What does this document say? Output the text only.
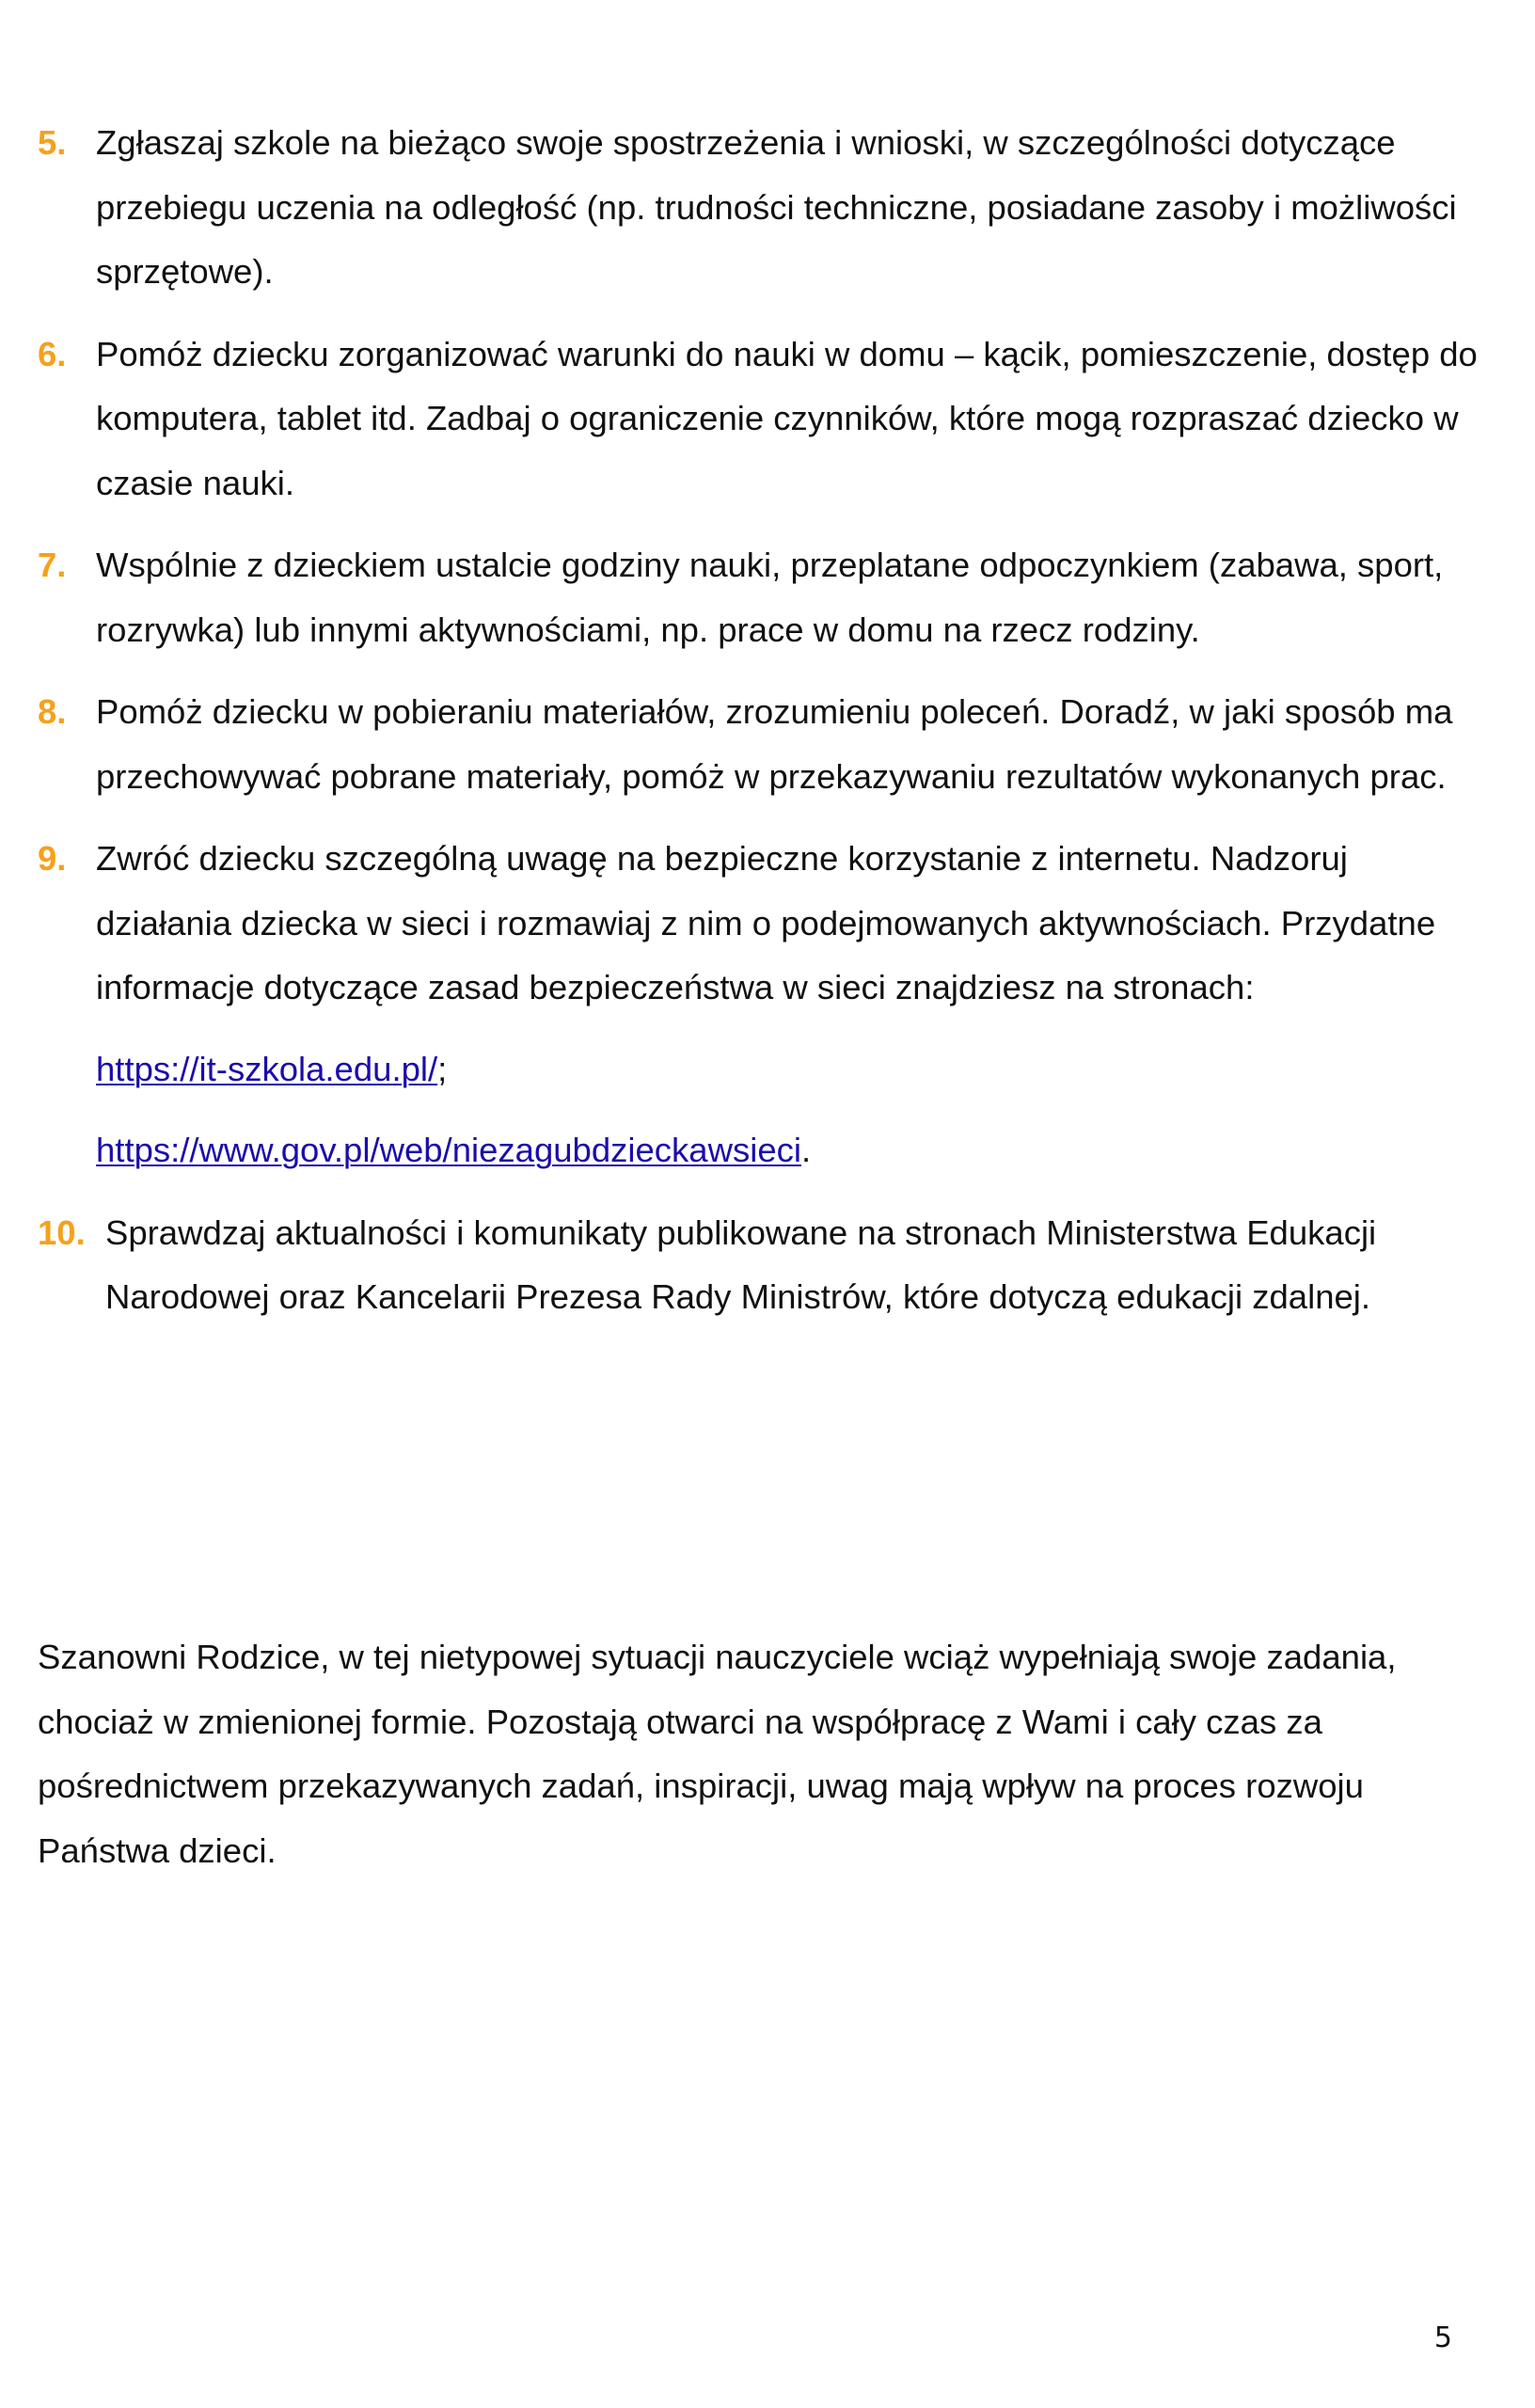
5. Zgłaszaj szkole na bieżąco swoje spostrzeżenia i wnioski, w szczególności dotyczące przebiegu uczenia na odległość (np. trudności techniczne, posiadane zasoby i możliwości sprzętowe).
6. Pomóż dziecku zorganizować warunki do nauki w domu – kącik, pomieszczenie, dostęp do komputera, tablet itd. Zadbaj o ograniczenie czynników, które mogą rozpraszać dziecko w czasie nauki.
7. Wspólnie z dzieckiem ustalcie godziny nauki, przeplatane odpoczynkiem (zabawa, sport, rozrywka) lub innymi aktywnościami, np. prace w domu na rzecz rodziny.
8. Pomóż dziecku w pobieraniu materiałów, zrozumieniu poleceń. Doradź, w jaki sposób ma przechowywać pobrane materiały, pomóż w przekazywaniu rezultatów wykonanych prac.
9. Zwróć dziecku szczególną uwagę na bezpieczne korzystanie z internetu. Nadzoruj działania dziecka w sieci i rozmawiaj z nim o podejmowanych aktywnościach. Przydatne informacje dotyczące zasad bezpieczeństwa w sieci znajdziesz na stronach:

https://it-szkola.edu.pl/;

https://www.gov.pl/web/niezagubdzieckawsieci.

10. Sprawdzaj aktualności i komunikaty publikowane na stronach Ministerstwa Edukacji Narodowej oraz Kancelarii Prezesa Rady Ministrów, które dotyczą edukacji zdalnej.

Szanowni Rodzice, w tej nietypowej sytuacji nauczyciele wciąż wypełniają swoje zadania, chociaż w zmienionej formie. Pozostają otwarci na współpracę z Wami i cały czas za pośrednictwem przekazywanych zadań, inspiracji, uwag mają wpływ na proces rozwoju Państwa dzieci.

5
